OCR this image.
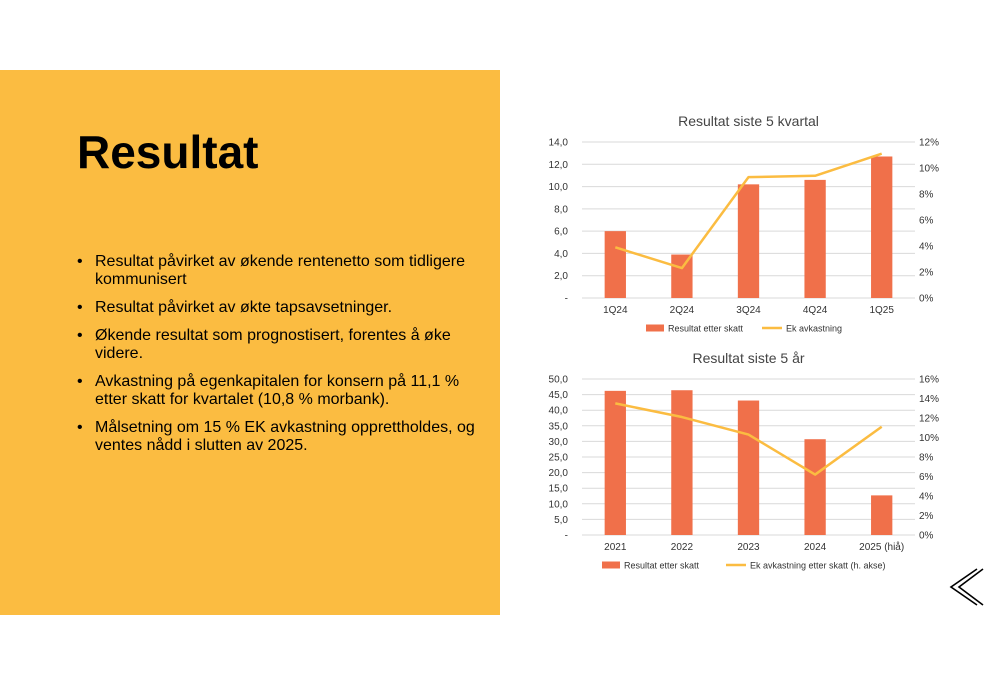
Resultat
• Resultat påvirket av økende rentenetto som tidligere kommunisert
• Resultat påvirket av økte tapsavsetninger.
• Økende resultat som prognostisert, forentes å øke videre.
• Avkastning på egenkapitalen for konsern på 11,1 % etter skatt for kvartalet (10,8 % morbank).
• Målsetning om 15 % EK avkastning opprettholdes, og ventes nådd i slutten av 2025.
Resultat siste 5 kvartal
-
2,0
4,0
6,0
8,0
10,0
12,0
14,0
0%
2%
4%
6%
8%
10%
12%
1Q24	2Q24	3Q24	4Q24	1Q25
Resultat etter skatt	Ek avkastning
Resultat siste 5 år
-
5,0
10,0
15,0
20,0
25,0
30,0
35,0
40,0
45,0
50,0
0%
2%
4%
6%
8%
10%
12%
14%
16%
2021	2022	2023	2024	2025 (hiå)
Resultat etter skatt	Ek avkastning etter skatt (h. akse)
